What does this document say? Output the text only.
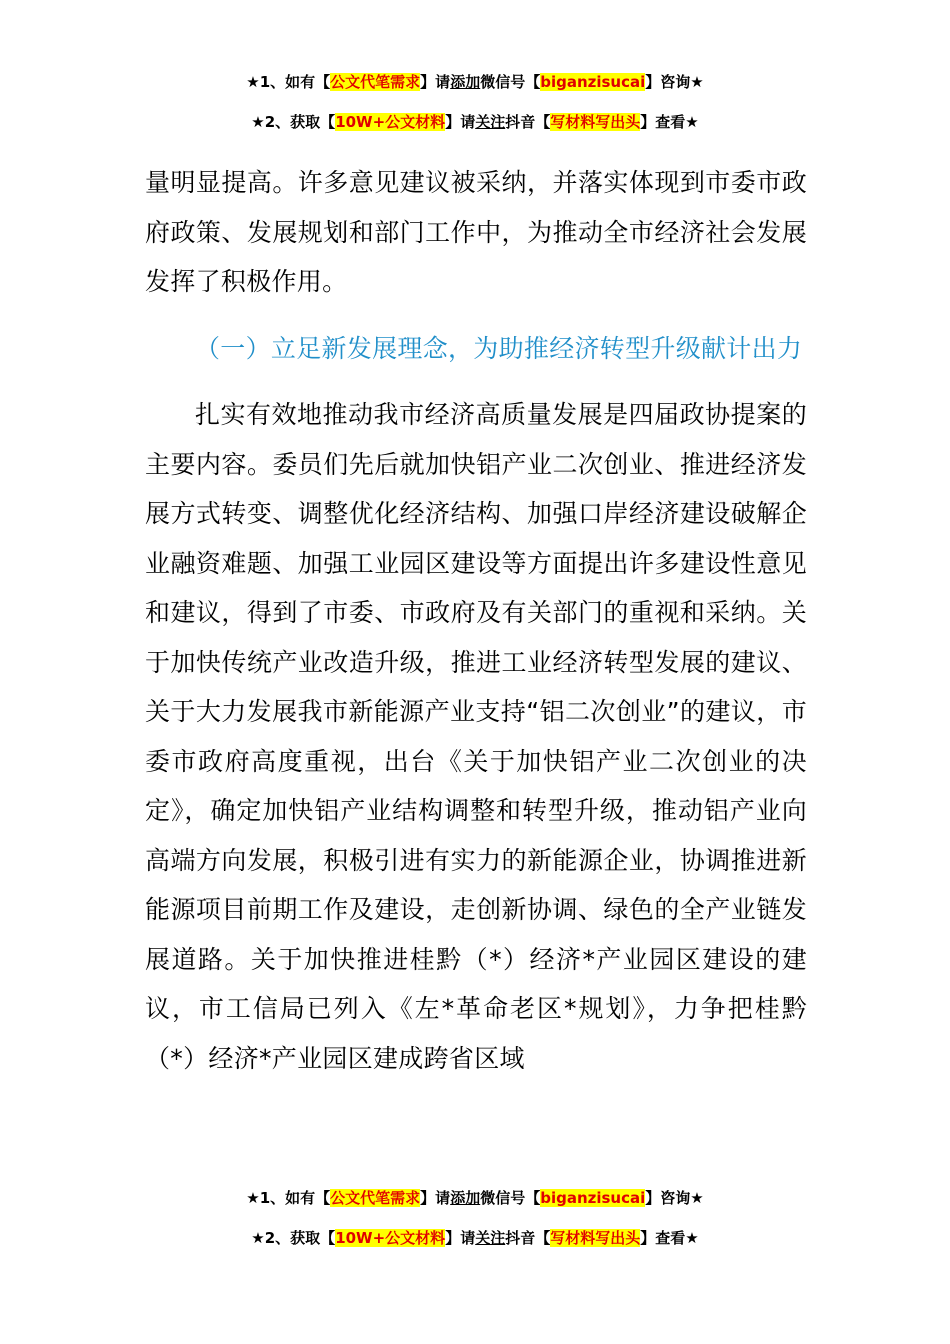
★1、如有【公文代笔需求】请添加微信号【biganzisucai】咨询★
★2、获取【10W+公文材料】请关注抖音【写材料写出头】查看★

量明显提高。许多意见建议被采纳，并落实体现到市委市政府政策、发展规划和部门工作中，为推动全市经济社会发展发挥了积极作用。

（一）立足新发展理念，为助推经济转型升级献计出力

扎实有效地推动我市经济高质量发展是四届政协提案的主要内容。委员们先后就加快铝产业二次创业、推进经济发展方式转变、调整优化经济结构、加强口岸经济建设破解企业融资难题、加强工业园区建设等方面提出许多建设性意见和建议，得到了市委、市政府及有关部门的重视和采纳。关于加快传统产业改造升级，推进工业经济转型发展的建议、关于大力发展我市新能源产业支持“铝二次创业”的建议，市委市政府高度重视，出台《关于加快铝产业二次创业的决定》，确定加快铝产业结构调整和转型升级，推动铝产业向高端方向发展，积极引进有实力的新能源企业，协调推进新能源项目前期工作及建设，走创新协调、绿色的全产业链发展道路。关于加快推进桂黔（*）经济*产业园区建设的建议，市工信局已列入《左*革命老区*规划》，力争把桂黔（*）经济*产业园区建成跨省区域

★1、如有【公文代笔需求】请添加微信号【biganzisucai】咨询★
★2、获取【10W+公文材料】请关注抖音【写材料写出头】查看★
